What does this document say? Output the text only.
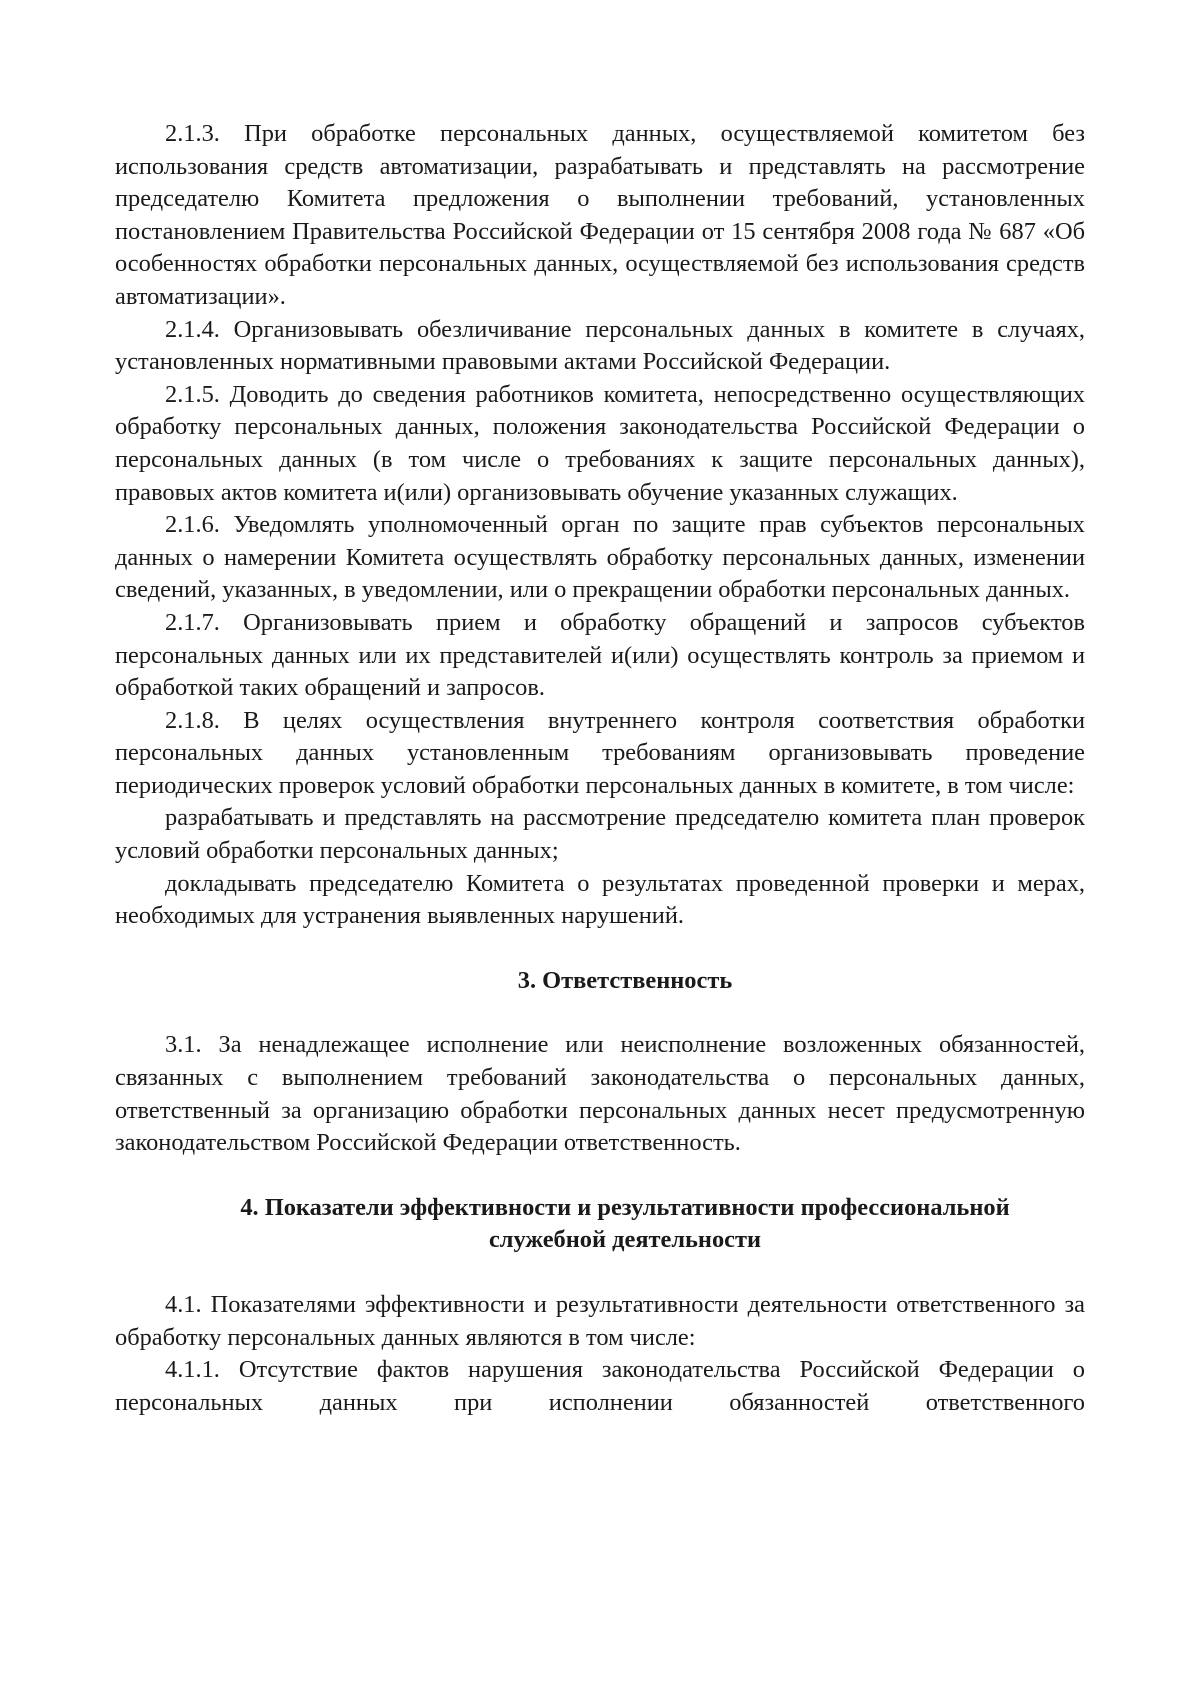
2.1.3. При обработке персональных данных, осуществляемой комитетом без использования средств автоматизации, разрабатывать и представлять на рассмотрение председателю Комитета предложения о выполнении требований, установленных постановлением Правительства Российской Федерации от 15 сентября 2008 года № 687 «Об особенностях обработки персональных данных, осуществляемой без использования средств автоматизации».

2.1.4. Организовывать обезличивание персональных данных в комитете в случаях, установленных нормативными правовыми актами Российской Федерации.

2.1.5. Доводить до сведения работников комитета, непосредственно осуществляющих обработку персональных данных, положения законодательства Российской Федерации о персональных данных (в том числе о требованиях к защите персональных данных), правовых актов комитета и(или) организовывать обучение указанных служащих.

2.1.6. Уведомлять уполномоченный орган по защите прав субъектов персональных данных о намерении Комитета осуществлять обработку персональных данных, изменении сведений, указанных, в уведомлении, или о прекращении обработки персональных данных.

2.1.7. Организовывать прием и обработку обращений и запросов субъектов персональных данных или их представителей и(или) осуществлять контроль за приемом и обработкой таких обращений и запросов.

2.1.8. В целях осуществления внутреннего контроля соответствия обработки персональных данных установленным требованиям организовывать проведение периодических проверок условий обработки персональных данных в комитете, в том числе:

разрабатывать и представлять на рассмотрение председателю комитета план проверок условий обработки персональных данных;

докладывать председателю Комитета о результатах проведенной проверки и мерах, необходимых для устранения выявленных нарушений.

3. Ответственность

3.1. За ненадлежащее исполнение или неисполнение возложенных обязанностей, связанных с выполнением требований законодательства о персональных данных, ответственный за организацию обработки персональных данных несет предусмотренную законодательством Российской Федерации ответственность.

4. Показатели эффективности и результативности профессиональной
служебной деятельности

4.1. Показателями эффективности и результативности деятельности ответственного за обработку персональных данных являются в том числе:

4.1.1. Отсутствие фактов нарушения законодательства Российской Федерации о персональных данных при исполнении обязанностей ответственного
